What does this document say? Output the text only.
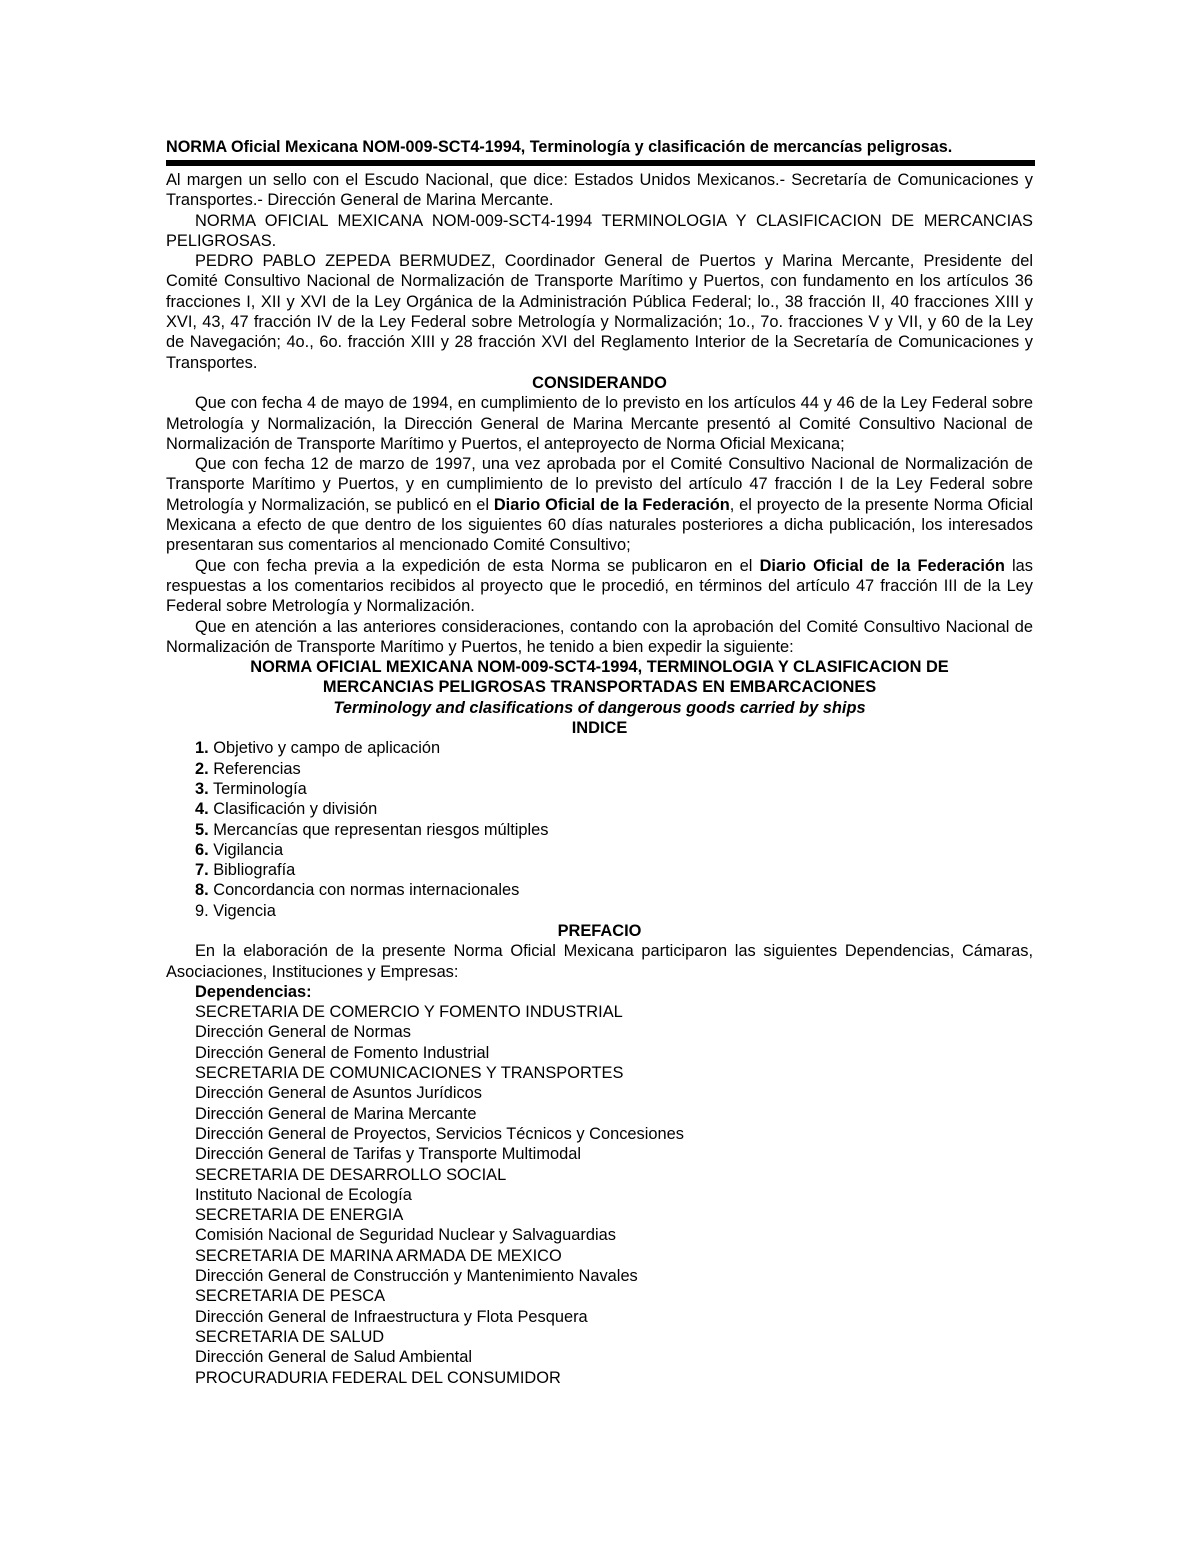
NORMA Oficial Mexicana NOM-009-SCT4-1994, Terminología y clasificación de mercancías peligrosas.

Al margen un sello con el Escudo Nacional, que dice: Estados Unidos Mexicanos.- Secretaría de Comunicaciones y Transportes.- Dirección General de Marina Mercante.

NORMA OFICIAL MEXICANA NOM-009-SCT4-1994 TERMINOLOGIA Y CLASIFICACION DE MERCANCIAS PELIGROSAS.

PEDRO PABLO ZEPEDA BERMUDEZ, Coordinador General de Puertos y Marina Mercante, Presidente del Comité Consultivo Nacional de Normalización de Transporte Marítimo y Puertos, con fundamento en los artículos 36 fracciones I, XII y XVI de la Ley Orgánica de la Administración Pública Federal; lo., 38 fracción II, 40 fracciones XIII y XVI, 43, 47 fracción IV de la Ley Federal sobre Metrología y Normalización; 1o., 7o. fracciones V y VII, y 60 de la Ley de Navegación; 4o., 6o. fracción XIII y 28 fracción XVI del Reglamento Interior de la Secretaría de Comunicaciones y Transportes.

CONSIDERANDO

Que con fecha 4 de mayo de 1994, en cumplimiento de lo previsto en los artículos 44 y 46 de la Ley Federal sobre Metrología y Normalización, la Dirección General de Marina Mercante presentó al Comité Consultivo Nacional de Normalización de Transporte Marítimo y Puertos, el anteproyecto de Norma Oficial Mexicana;

Que con fecha 12 de marzo de 1997, una vez aprobada por el Comité Consultivo Nacional de Normalización de Transporte Marítimo y Puertos, y en cumplimiento de lo previsto del artículo 47 fracción I de la Ley Federal sobre Metrología y Normalización, se publicó en el Diario Oficial de la Federación, el proyecto de la presente Norma Oficial Mexicana a efecto de que dentro de los siguientes 60 días naturales posteriores a dicha publicación, los interesados presentaran sus comentarios al mencionado Comité Consultivo;

Que con fecha previa a la expedición de esta Norma se publicaron en el Diario Oficial de la Federación las respuestas a los comentarios recibidos al proyecto que le procedió, en términos del artículo 47 fracción III de la Ley Federal sobre Metrología y Normalización.

Que en atención a las anteriores consideraciones, contando con la aprobación del Comité Consultivo Nacional de Normalización de Transporte Marítimo y Puertos, he tenido a bien expedir la siguiente:

NORMA OFICIAL MEXICANA NOM-009-SCT4-1994, TERMINOLOGIA Y CLASIFICACION DE

MERCANCIAS PELIGROSAS TRANSPORTADAS EN EMBARCACIONES

Terminology and clasifications of dangerous goods carried by ships

INDICE

1. Objetivo y campo de aplicación
2. Referencias
3. Terminología
4. Clasificación y división
5. Mercancías que representan riesgos múltiples
6. Vigilancia
7. Bibliografía
8. Concordancia con normas internacionales
9. Vigencia

PREFACIO

En la elaboración de la presente Norma Oficial Mexicana participaron las siguientes Dependencias, Cámaras, Asociaciones, Instituciones y Empresas:

Dependencias:
SECRETARIA DE COMERCIO Y FOMENTO INDUSTRIAL
Dirección General de Normas
Dirección General de Fomento Industrial
SECRETARIA DE COMUNICACIONES Y TRANSPORTES
Dirección General de Asuntos Jurídicos
Dirección General de Marina Mercante
Dirección General de Proyectos, Servicios Técnicos y Concesiones
Dirección General de Tarifas y Transporte Multimodal
SECRETARIA DE DESARROLLO SOCIAL
Instituto Nacional de Ecología
SECRETARIA DE ENERGIA
Comisión Nacional de Seguridad Nuclear y Salvaguardias
SECRETARIA DE MARINA ARMADA DE MEXICO
Dirección General de Construcción y Mantenimiento Navales
SECRETARIA DE PESCA
Dirección General de Infraestructura y Flota Pesquera
SECRETARIA DE SALUD
Dirección General de Salud Ambiental
PROCURADURIA FEDERAL DEL CONSUMIDOR
